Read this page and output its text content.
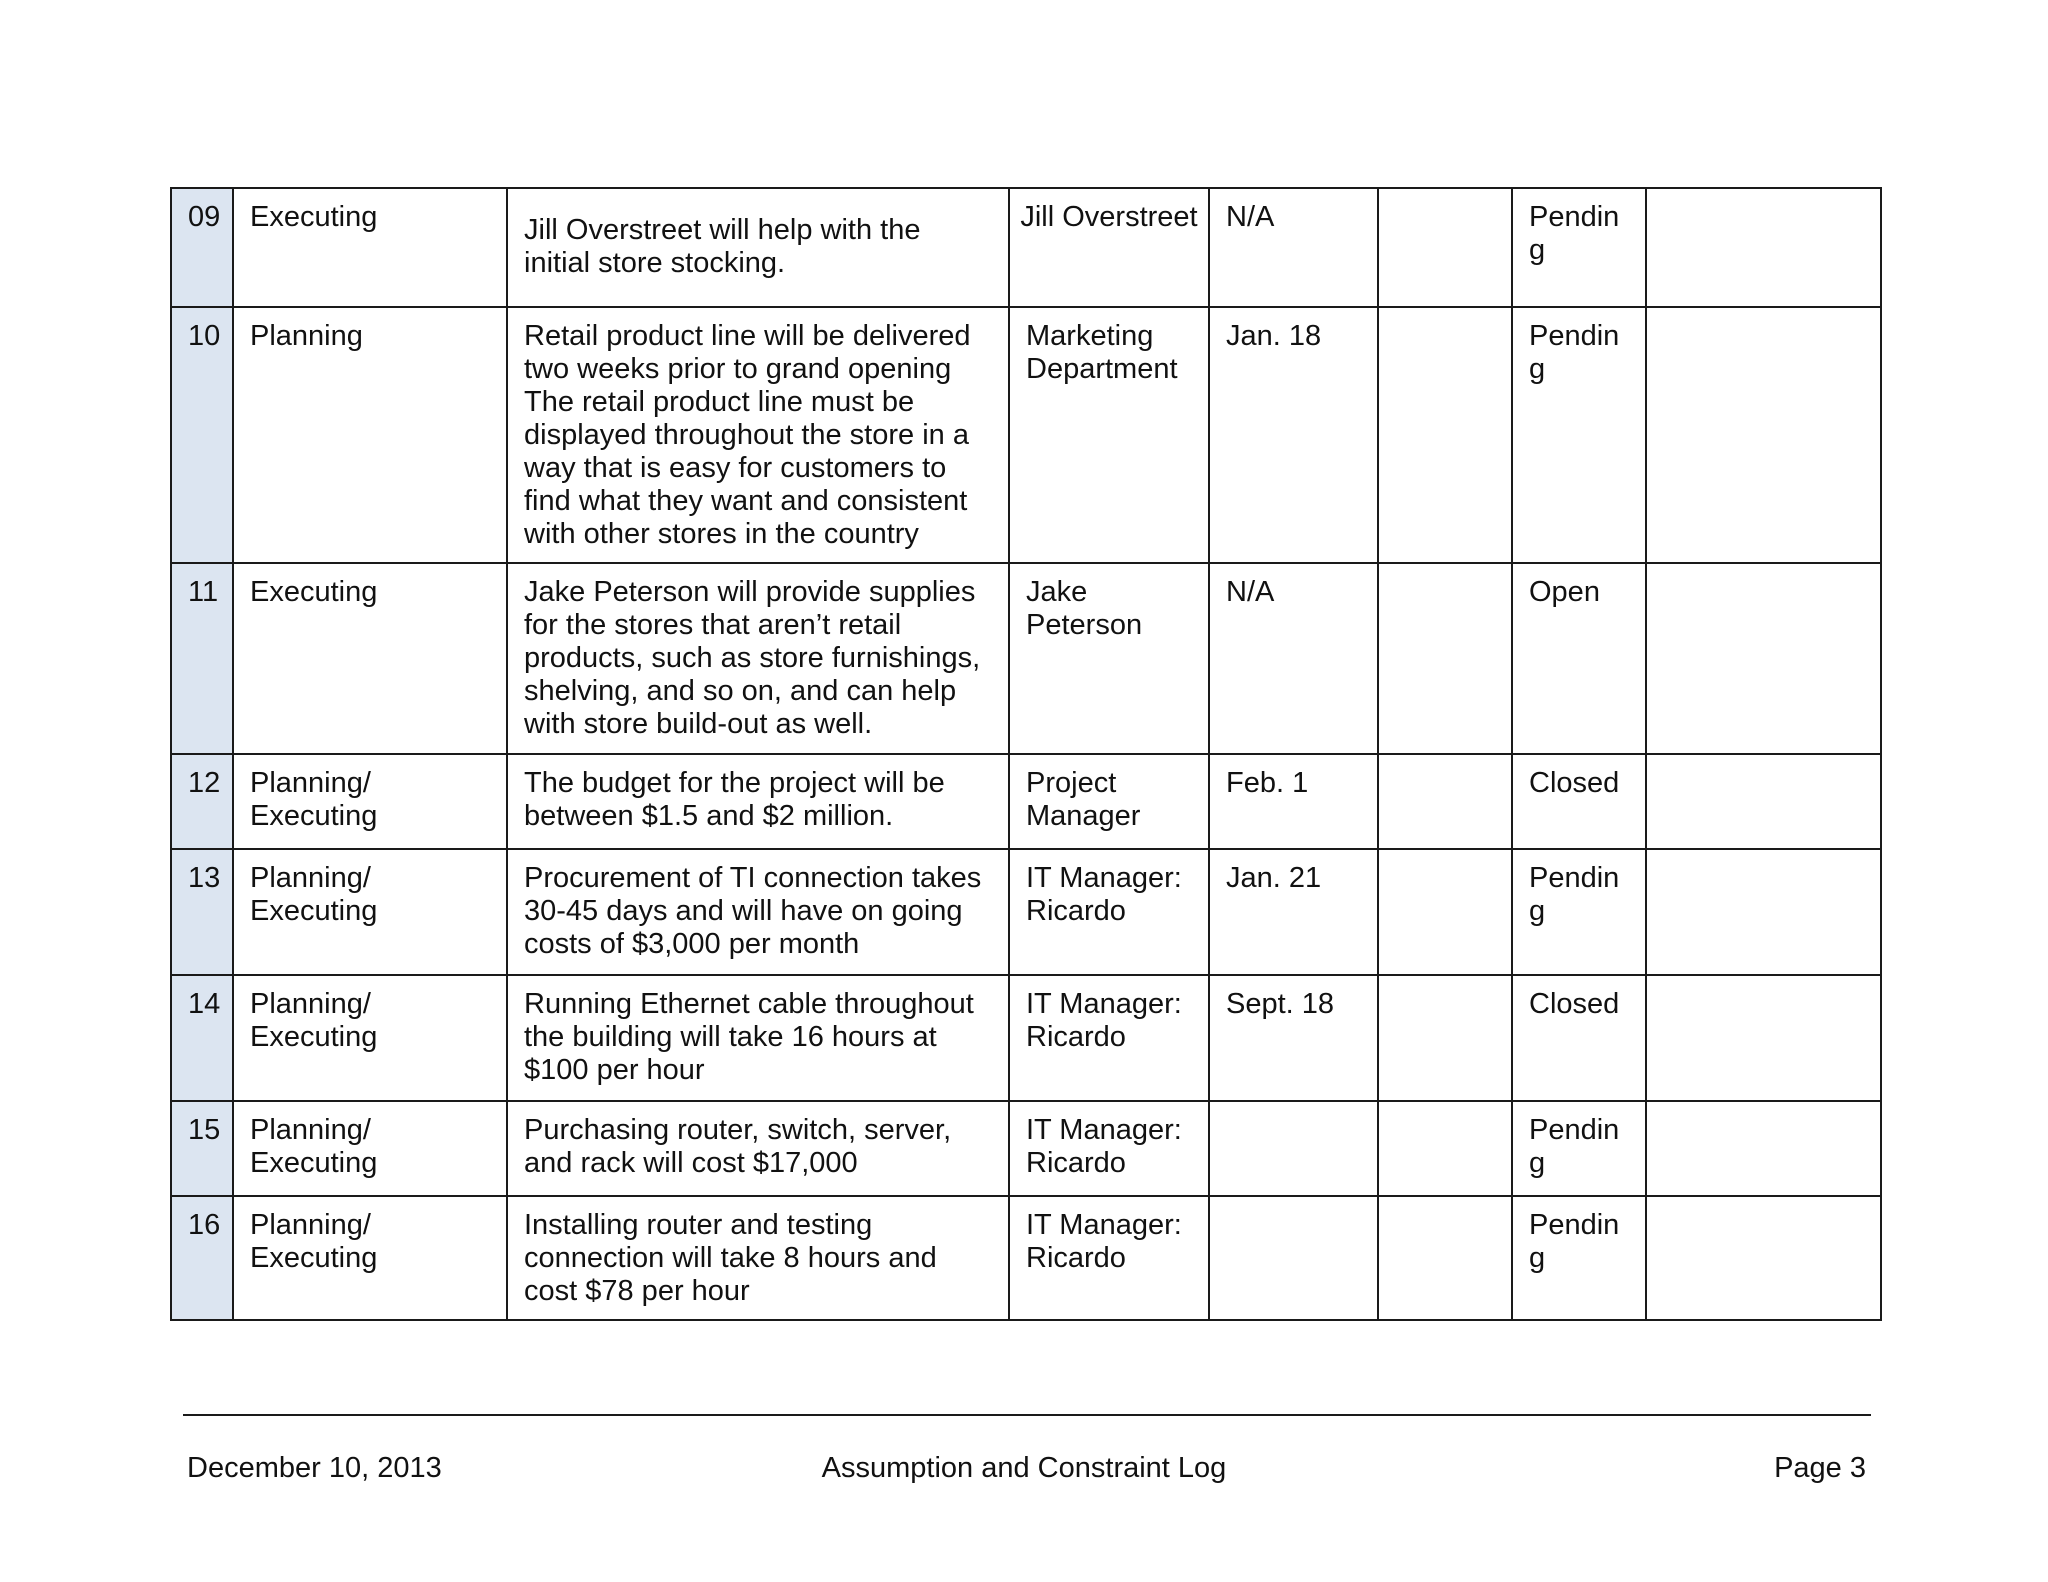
09	Executing	Jill Overstreet will help with the initial store stocking.	Jill Overstreet	N/A		Pending	
10	Planning	Retail product line will be delivered two weeks prior to grand opening The retail product line must be displayed throughout the store in a way that is easy for customers to find what they want and consistent with other stores in the country	Marketing Department	Jan. 18		Pending	
11	Executing	Jake Peterson will provide supplies for the stores that aren’t retail products, such as store furnishings, shelving, and so on, and can help with store build-out as well.	Jake Peterson	N/A		Open	
12	Planning/ Executing	The budget for the project will be between $1.5 and $2 million.	Project Manager	Feb. 1		Closed	
13	Planning/ Executing	Procurement of TI connection takes 30-45 days and will have on going costs of $3,000 per month	IT Manager: Ricardo	Jan. 21		Pending	
14	Planning/ Executing	Running Ethernet cable throughout the building will take 16 hours at $100 per hour	IT Manager: Ricardo	Sept. 18		Closed	
15	Planning/ Executing	Purchasing router, switch, server, and rack will cost $17,000	IT Manager: Ricardo			Pending	
16	Planning/ Executing	Installing router and testing connection will take 8 hours and cost $78 per hour	IT Manager: Ricardo			Pending	
December 10, 2013	Assumption and Constraint Log	Page 3
